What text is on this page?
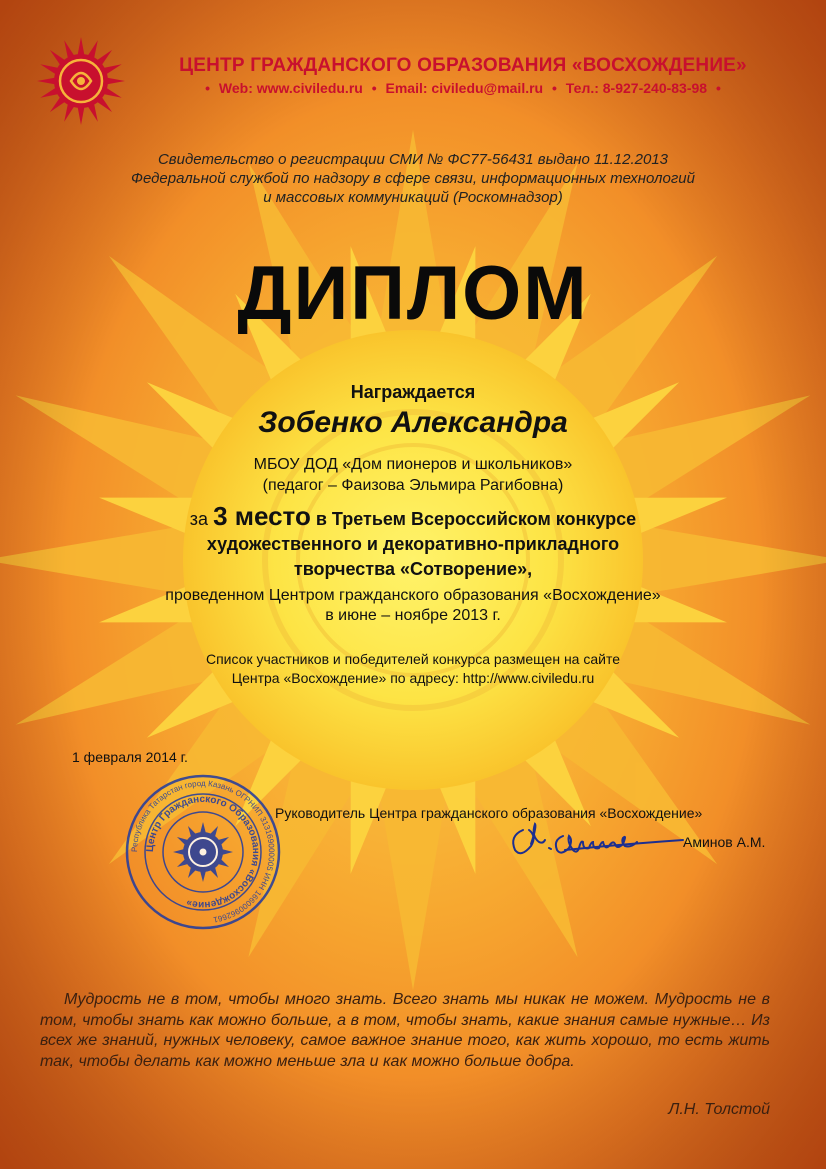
ЦЕНТР ГРАЖДАНСКОГО ОБРАЗОВАНИЯ «ВОСХОЖДЕНИЕ»
• Web: www.civiledu.ru • Email: civiledu@mail.ru • Тел.: 8-927-240-83-98 •
Свидетельство о регистрации СМИ № ФС77-56431 выдано 11.12.2013
Федеральной службой по надзору в сфере связи, информационных технологий
и массовых коммуникаций (Роскомнадзор)
ДИПЛОМ
Награждается
Зобенко Александра
МБОУ ДОД «Дом пионеров и школьников»
(педагог – Фаизова Эльмира Рагибовна)
за 3 место в Третьем Всероссийском конкурсе
художественного и декоративно-прикладного
творчества «Сотворение»,
проведенном Центром гражданского образования «Восхождение»
в июне – ноябре 2013 г.
Список участников и победителей конкурса размещен на сайте
Центра «Восхождение» по адресу: http://www.civiledu.ru
1 февраля 2014 г.
Республика Татарстан город Казань ОГРНИП 313169000005 ИНН 166000962661
Центр Гражданского Образования «Восхождение»
Руководитель Центра гражданского образования «Восхождение»
Аминов А.М.
Мудрость не в том, чтобы много знать. Всего знать мы никак не можем. Мудрость не в том, чтобы знать как можно больше, а в том, чтобы знать, какие знания самые нужные… Из всех же знаний, нужных человеку, самое важное знание того, как жить хорошо, то есть жить так, чтобы делать как можно меньше зла и как можно больше добра.
Л.Н. Толстой
